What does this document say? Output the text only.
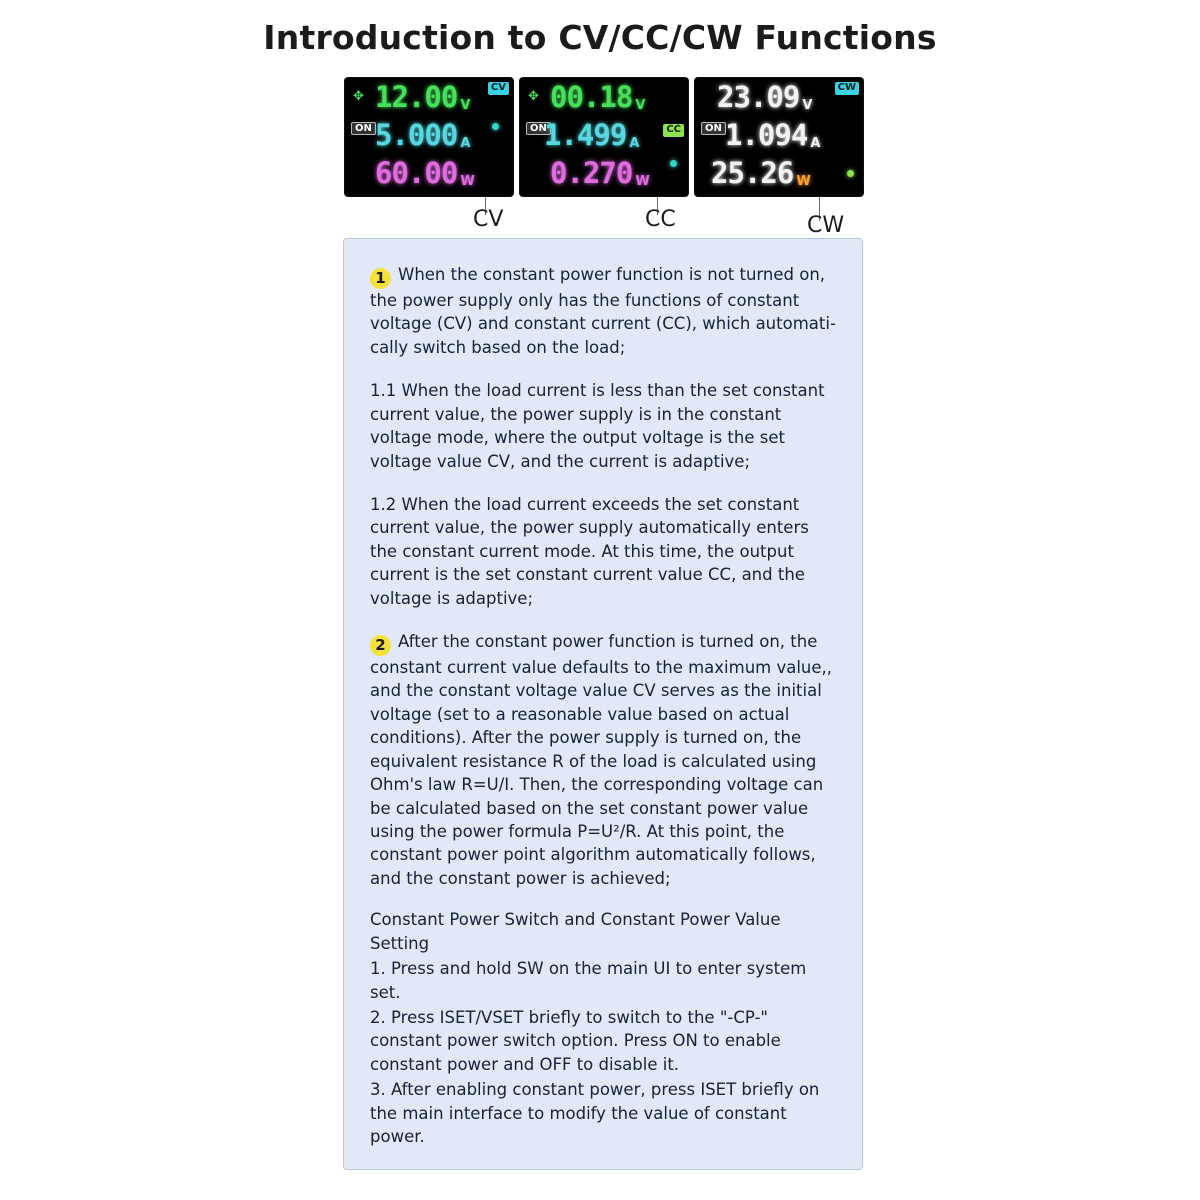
Introduction to CV/CC/CW Functions
✥
CV
ON
12.00 V
5.000 A
60.00 W
✥
CC
ON
00.18 V
1.499 A
0.270 W
CW
ON
23.09 V
1.094 A
25.26 W
CV	CC	CW

1 When the constant power function is not turned on, the power supply only has the functions of constant voltage (CV) and constant current (CC), which automati-cally switch based on the load;

1.1 When the load current is less than the set constant current value, the power supply is in the constant voltage mode, where the output voltage is the set voltage value CV, and the current is adaptive;

1.2 When the load current exceeds the set constant current value, the power supply automatically enters the constant current mode. At this time, the output current is the set constant current value CC, and the voltage is adaptive;

2 After the constant power function is turned on, the constant current value defaults to the maximum value,, and the constant voltage value CV serves as the initial voltage (set to a reasonable value based on actual conditions). After the power supply is turned on, the equivalent resistance R of the load is calculated using Ohm's law R=U/I. Then, the corresponding voltage can be calculated based on the set constant power value using the power formula P=U²/R. At this point, the constant power point algorithm automatically follows, and the constant power is achieved;

Constant Power Switch and Constant Power Value Setting

1. Press and hold SW on the main UI to enter system set.

2. Press ISET/VSET briefly to switch to the "-CP-" constant power switch option. Press ON to enable constant power and OFF to disable it.

3. After enabling constant power, press ISET briefly on the main interface to modify the value of constant power.
